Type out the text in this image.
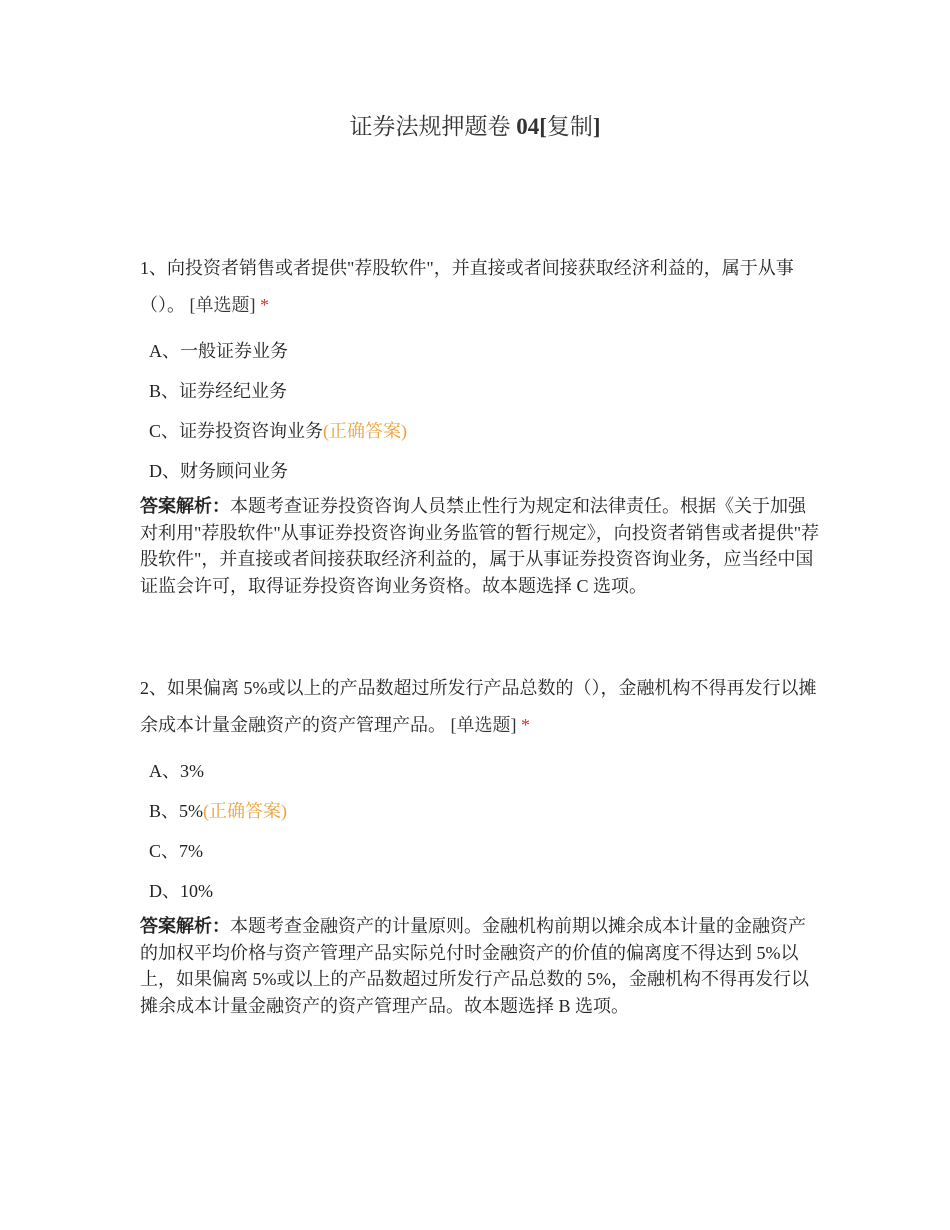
证券法规押题卷 04[复制]

1、向投资者销售或者提供"荐股软件"，并直接或者间接获取经济利益的，属于从事（）。 [单选题] *

A、一般证券业务
B、证券经纪业务
C、证券投资咨询业务(正确答案)
D、财务顾问业务

答案解析：本题考查证券投资咨询人员禁止性行为规定和法律责任。根据《关于加强对利用"荐股软件"从事证券投资咨询业务监管的暂行规定》，向投资者销售或者提供"荐股软件"，并直接或者间接获取经济利益的，属于从事证券投资咨询业务，应当经中国证监会许可，取得证券投资咨询业务资格。故本题选择 C 选项。

2、如果偏离 5%或以上的产品数超过所发行产品总数的（），金融机构不得再发行以摊余成本计量金融资产的资产管理产品。 [单选题] *

A、3%
B、5%(正确答案)
C、7%
D、10%

答案解析：本题考查金融资产的计量原则。金融机构前期以摊余成本计量的金融资产的加权平均价格与资产管理产品实际兑付时金融资产的价值的偏离度不得达到 5%以上，如果偏离 5%或以上的产品数超过所发行产品总数的 5%，金融机构不得再发行以摊余成本计量金融资产的资产管理产品。故本题选择 B 选项。
